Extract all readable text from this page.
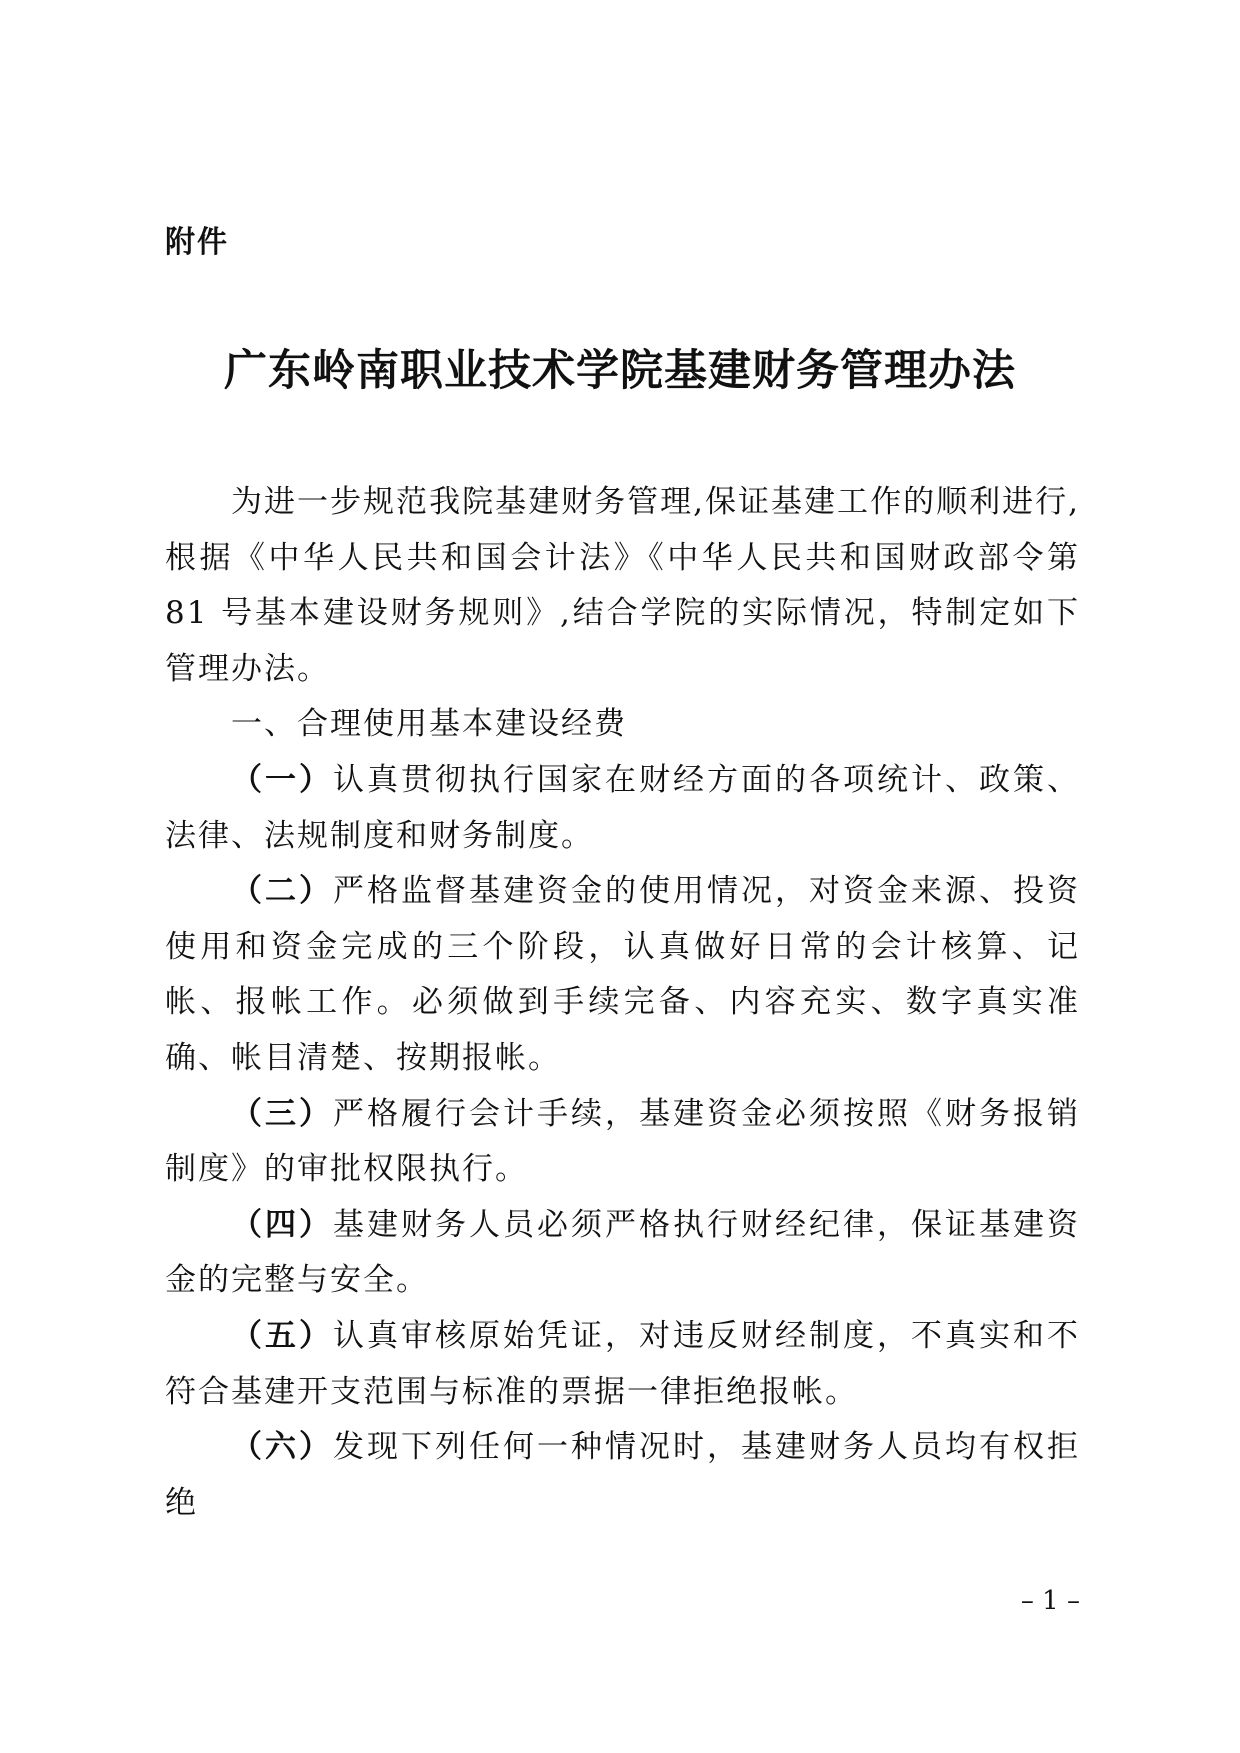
附件
广东岭南职业技术学院基建财务管理办法

为进一步规范我院基建财务管理,保证基建工作的顺利进行,根据《中华人民共和国会计法》《中华人民共和国财政部令第 81 号基本建设财务规则》,结合学院的实际情况，特制定如下管理办法。

一、合理使用基本建设经费

（一）认真贯彻执行国家在财经方面的各项统计、政策、法律、法规制度和财务制度。

（二）严格监督基建资金的使用情况，对资金来源、投资使用和资金完成的三个阶段，认真做好日常的会计核算、记帐、报帐工作。必须做到手续完备、内容充实、数字真实准确、帐目清楚、按期报帐。

（三）严格履行会计手续，基建资金必须按照《财务报销制度》的审批权限执行。

（四）基建财务人员必须严格执行财经纪律，保证基建资金的完整与安全。

（五）认真审核原始凭证，对违反财经制度，不真实和不符合基建开支范围与标准的票据一律拒绝报帐。

（六）发现下列任何一种情况时，基建财务人员均有权拒绝

– 1 –
